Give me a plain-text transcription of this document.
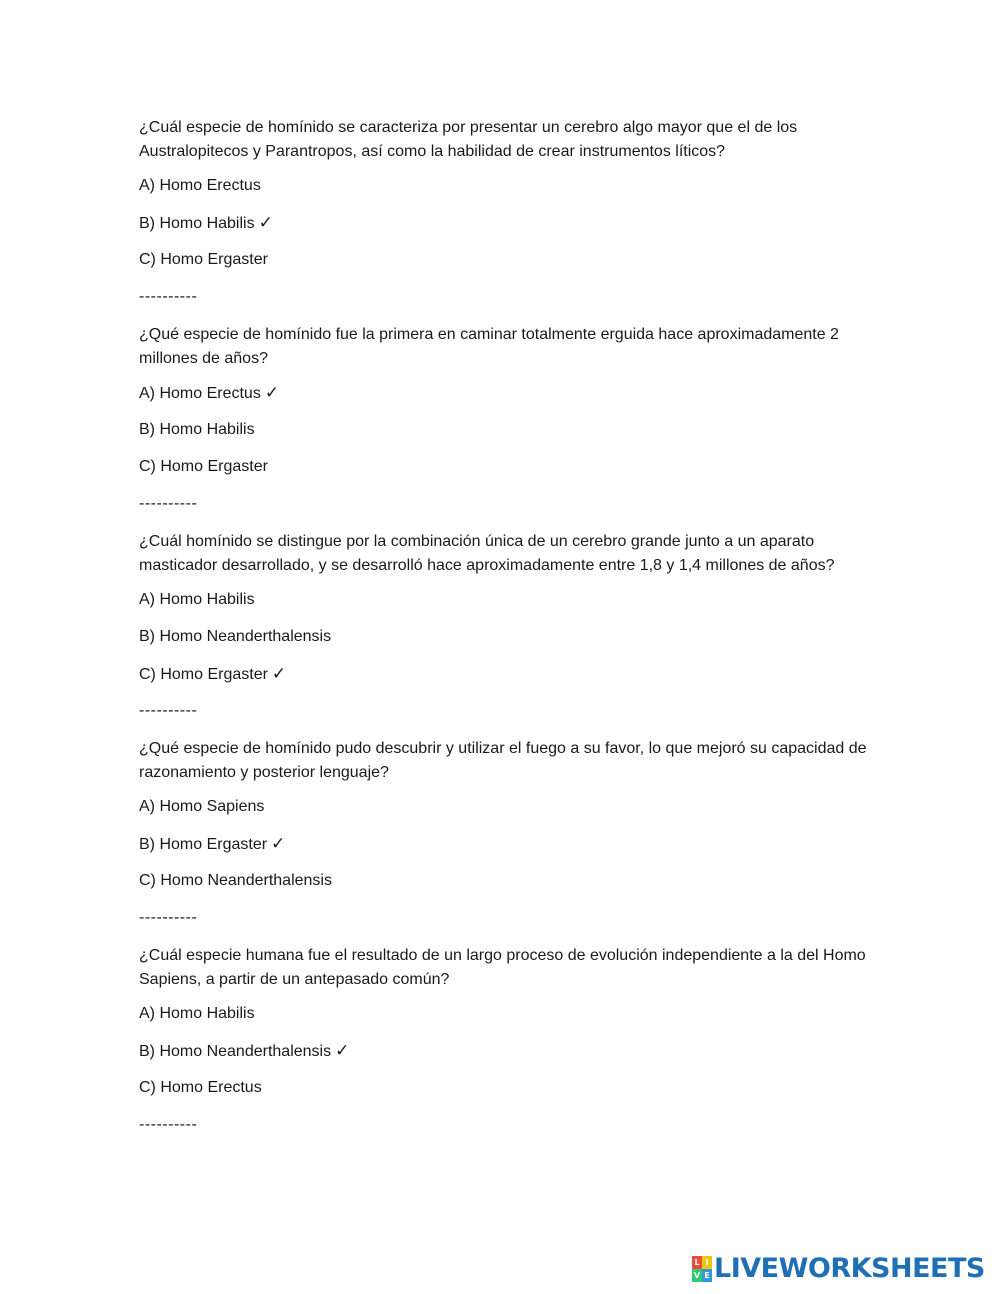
¿Cuál especie de homínido se caracteriza por presentar un cerebro algo mayor que el de los Australopitecos y Parantropos, así como la habilidad de crear instrumentos líticos?

A) Homo Erectus
B) Homo Habilis ✓
C) Homo Ergaster
----------

¿Qué especie de homínido fue la primera en caminar totalmente erguida hace aproximadamente 2 millones de años?

A) Homo Erectus ✓
B) Homo Habilis
C) Homo Ergaster
----------

¿Cuál homínido se distingue por la combinación única de un cerebro grande junto a un aparato masticador desarrollado, y se desarrolló hace aproximadamente entre 1,8 y 1,4 millones de años?

A) Homo Habilis
B) Homo Neanderthalensis
C) Homo Ergaster ✓
----------

¿Qué especie de homínido pudo descubrir y utilizar el fuego a su favor, lo que mejoró su capacidad de razonamiento y posterior lenguaje?

A) Homo Sapiens
B) Homo Ergaster ✓
C) Homo Neanderthalensis
----------

¿Cuál especie humana fue el resultado de un largo proceso de evolución independiente a la del Homo Sapiens, a partir de un antepasado común?

A) Homo Habilis
B) Homo Neanderthalensis ✓
C) Homo Erectus
----------
L I
V E LIVEWORKSHEETS
